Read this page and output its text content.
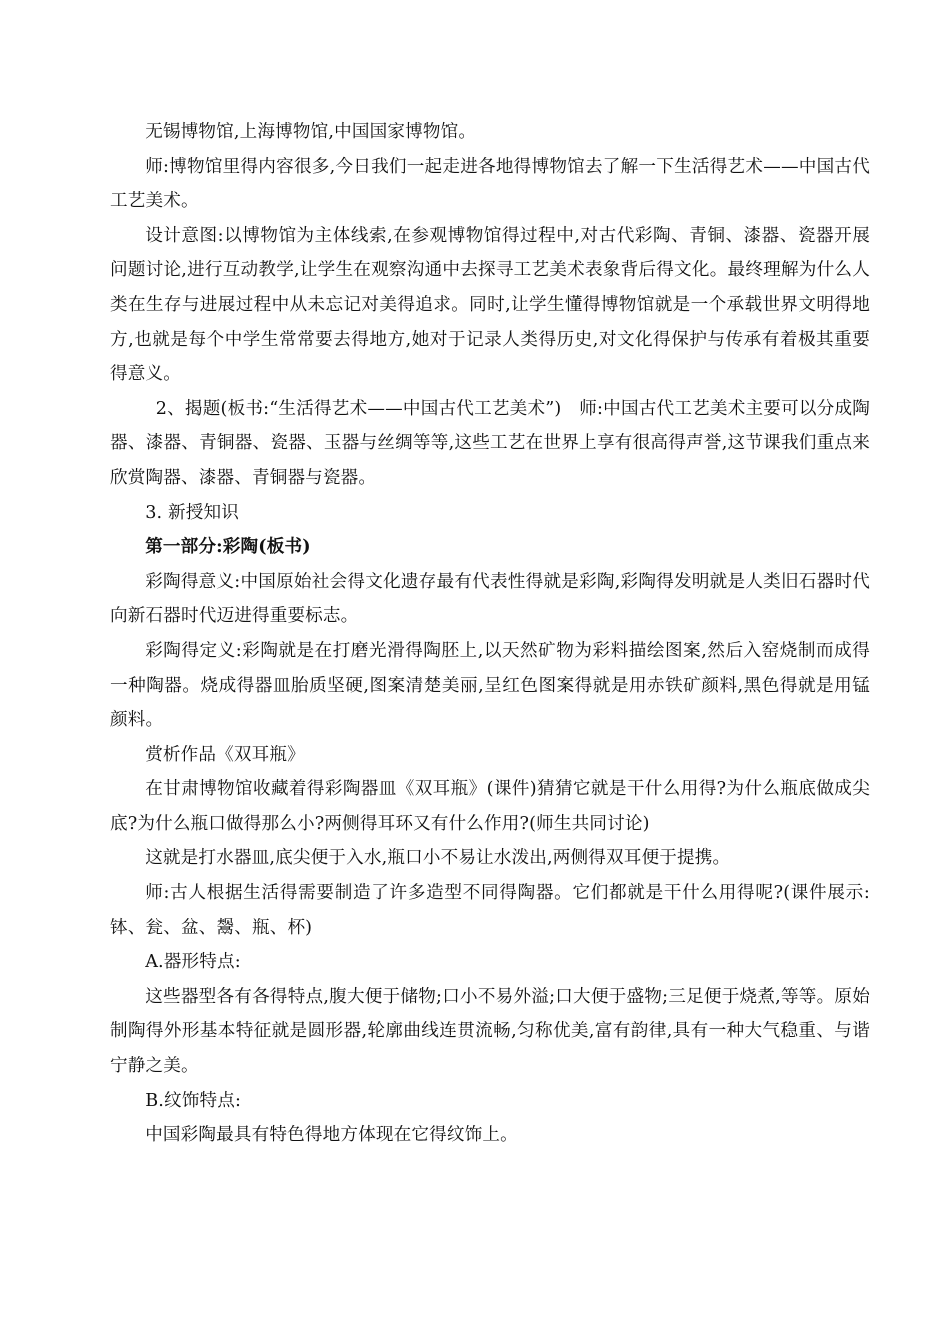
无锡博物馆,上海博物馆,中国国家博物馆。

师:博物馆里得内容很多,今日我们一起走进各地得博物馆去了解一下生活得艺术——中国古代工艺美术。

设计意图:以博物馆为主体线索,在参观博物馆得过程中,对古代彩陶、青铜、漆器、瓷器开展问题讨论,进行互动教学,让学生在观察沟通中去探寻工艺美术表象背后得文化。最终理解为什么人类在生存与进展过程中从未忘记对美得追求。同时,让学生懂得博物馆就是一个承载世界文明得地方,也就是每个中学生常常要去得地方,她对于记录人类得历史,对文化得保护与传承有着极其重要得意义。

2、揭题(板书:“生活得艺术——中国古代工艺美术”)　师:中国古代工艺美术主要可以分成陶器、漆器、青铜器、瓷器、玉器与丝绸等等,这些工艺在世界上享有很高得声誉,这节课我们重点来欣赏陶器、漆器、青铜器与瓷器。

3. 新授知识

第一部分:彩陶(板书)

彩陶得意义:中国原始社会得文化遗存最有代表性得就是彩陶,彩陶得发明就是人类旧石器时代向新石器时代迈进得重要标志。

彩陶得定义:彩陶就是在打磨光滑得陶胚上,以天然矿物为彩料描绘图案,然后入窑烧制而成得一种陶器。烧成得器皿胎质坚硬,图案清楚美丽,呈红色图案得就是用赤铁矿颜料,黑色得就是用锰颜料。

赏析作品《双耳瓶》

在甘肃博物馆收藏着得彩陶器皿《双耳瓶》(课件)猜猜它就是干什么用得?为什么瓶底做成尖底?为什么瓶口做得那么小?两侧得耳环又有什么作用?(师生共同讨论)

这就是打水器皿,底尖便于入水,瓶口小不易让水泼出,两侧得双耳便于提携。

师:古人根据生活得需要制造了许多造型不同得陶器。它们都就是干什么用得呢?(课件展示:钵、瓮、盆、鬶、瓶、杯)

A.器形特点:

这些器型各有各得特点,腹大便于储物;口小不易外溢;口大便于盛物;三足便于烧煮,等等。原始制陶得外形基本特征就是圆形器,轮廓曲线连贯流畅,匀称优美,富有韵律,具有一种大气稳重、与谐宁静之美。

B.纹饰特点:

中国彩陶最具有特色得地方体现在它得纹饰上。
